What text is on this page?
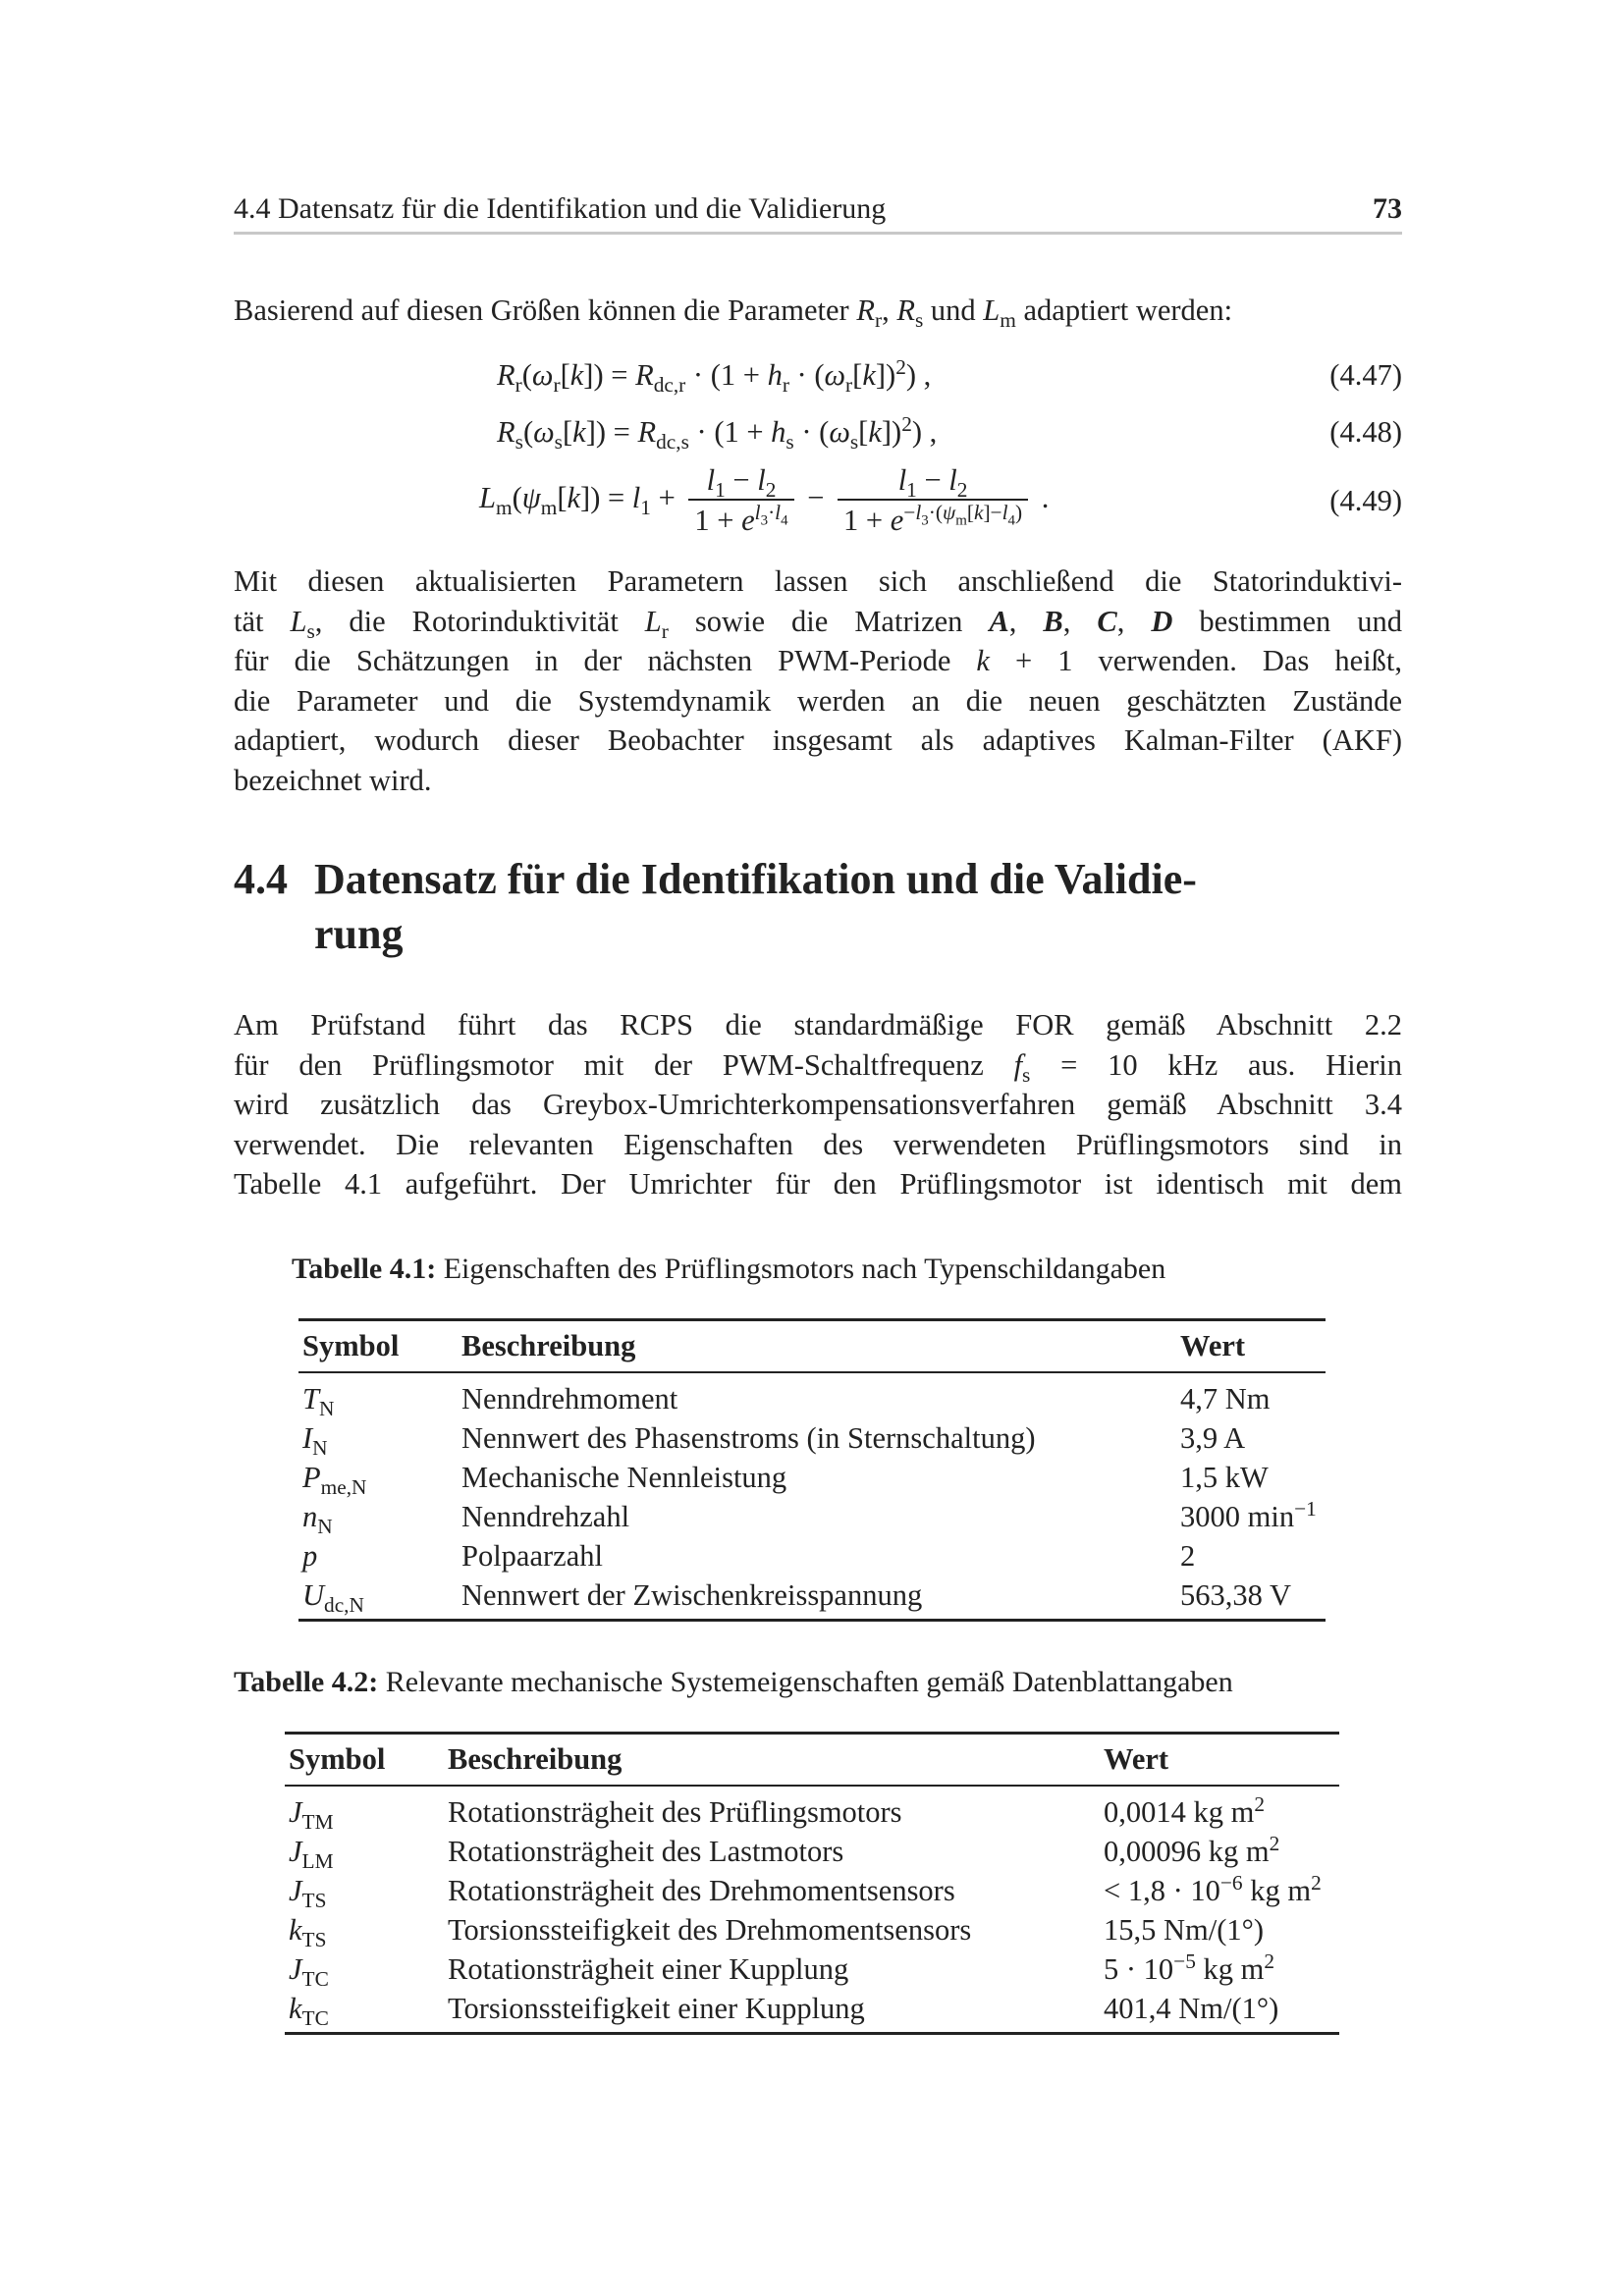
4.4 Datensatz für die Identifikation und die Validierung	73
Basierend auf diesen Größen können die Parameter $R_r$, $R_s$ und $L_m$ adaptiert werden:
$R_r(\omega_r[k]) = R_{dc,r} \cdot (1 + h_r \cdot (\omega_r[k])^2)$ ,	(4.47)
$R_s(\omega_s[k]) = R_{dc,s} \cdot (1 + h_s \cdot (\omega_s[k])^2)$ ,	(4.48)
$L_m(\psi_m[k]) = l_1 + \frac{l_1 - l_2}{1 + e^{l_3\cdot l_4}} - \frac{l_1 - l_2}{1 + e^{-l_3\cdot(\psi_m[k]-l_4)}}$ .	(4.49)
Mit diesen aktualisierten Parametern lassen sich anschließend die Statorinduktivi-
tät $L_s$, die Rotorinduktivität $L_r$ sowie die Matrizen A, B, C, D bestimmen und
für die Schätzungen in der nächsten PWM-Periode k + 1 verwenden. Das heißt,
die Parameter und die Systemdynamik werden an die neuen geschätzten Zustände
adaptiert, wodurch dieser Beobachter insgesamt als adaptives Kalman-Filter (AKF)
bezeichnet wird.
4.4 Datensatz für die Identifikation und die Validie-
rung
Am Prüfstand führt das RCPS die standardmäßige FOR gemäß Abschnitt 2.2
für den Prüflingsmotor mit der PWM-Schaltfrequenz $f_s = 10$ kHz aus. Hierin
wird zusätzlich das Greybox-Umrichterkompensationsverfahren gemäß Abschnitt 3.4
verwendet. Die relevanten Eigenschaften des verwendeten Prüflingsmotors sind in
Tabelle 4.1 aufgeführt. Der Umrichter für den Prüflingsmotor ist identisch mit dem
Tabelle 4.1: Eigenschaften des Prüflingsmotors nach Typenschildangaben
Symbol	Beschreibung	Wert
$T_N$	Nenndrehmoment	4,7 Nm
$I_N$	Nennwert des Phasenstroms (in Sternschaltung)	3,9 A
$P_{me,N}$	Mechanische Nennleistung	1,5 kW
$n_N$	Nenndrehzahl	3000 $\min^{-1}$
p	Polpaarzahl	2
$U_{dc,N}$	Nennwert der Zwischenkreisspannung	563,38 V
Tabelle 4.2: Relevante mechanische Systemeigenschaften gemäß Datenblattangaben
Symbol	Beschreibung	Wert
$J_{TM}$	Rotationsträgheit des Prüflingsmotors	0,0014 kg $m^2$
$J_{LM}$	Rotationsträgheit des Lastmotors	0,00096 kg $m^2$
$J_{TS}$	Rotationsträgheit des Drehmomentsensors	< $1,8 \cdot 10^{-6}$ kg $m^2$
$k_{TS}$	Torsionssteifigkeit des Drehmomentsensors	15,5 Nm/(1°)
$J_{TC}$	Rotationsträgheit einer Kupplung	$5 \cdot 10^{-5}$ kg $m^2$
$k_{TC}$	Torsionssteifigkeit einer Kupplung	401,4 Nm/(1°)
